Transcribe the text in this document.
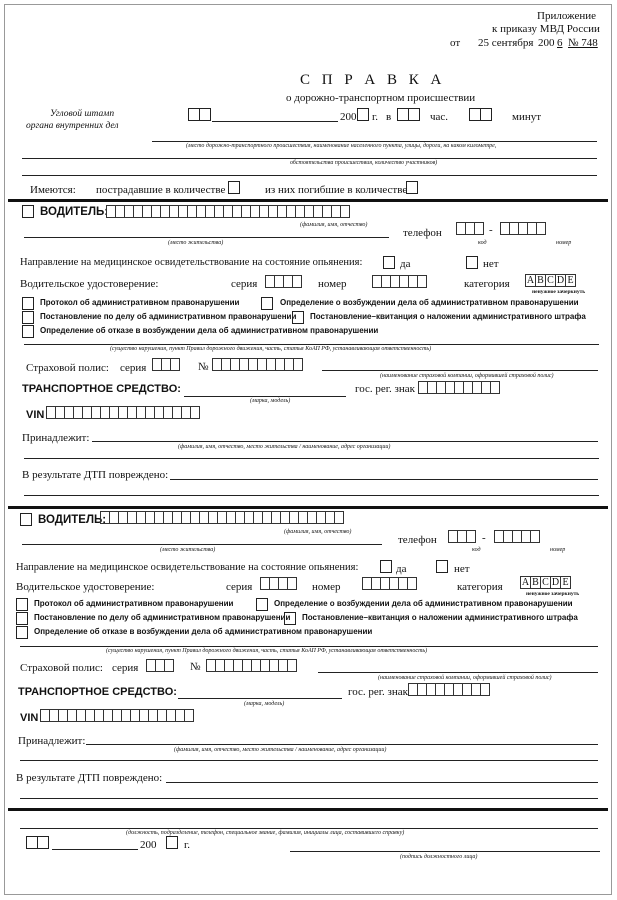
Приложение
к приказу МВД России
от 25 сентября 200 6 № 748
С П Р А В К А
о дорожно-транспортном происшествии
Угловой штамп
органа внутренних дел
200 г. в	час.	минут
(место дорожно-транспортного происшествия, наименование населенного пункта, улицы, дороги, на каком километре,
обстоятельства происшествия, количество участников)
Имеются: пострадавшие в количестве	из них погибшие в количестве
ВОДИТЕЛЬ:
(фамилия, имя, отчество)
телефон	-
(место жительства)	код	номер
Направление на медицинское освидетельствование на состояние опьянения:	да	нет
Водительское удостоверение:	серия	номер	категория A B C D E
ненужное зачеркнуть
Протокол об административном правонарушении	Определение о возбуждении дела об административном правонарушении
Постановление по делу об административном правонарушении Постановление–квитанция о наложении административного штрафа
Определение об отказе в возбуждении дела об административном правонарушении
(существо нарушения, пункт Правил дорожного движения, часть, статья КоАП РФ, устанавливающая ответственность)
Страховой полис: серия	№
(наименование страховой компании, оформившей страховой полис)
ТРАНСПОРТНОЕ СРЕДСТВО:	гос. рег. знак
(марка, модель)
VIN
Принадлежит:
(фамилия, имя, отчество, место жительства / наименование, адрес организации)
В результате ДТП повреждено:
ВОДИТЕЛЬ:
(фамилия, имя, отчество)
телефон	-
(место жительства)	код	номер
Направление на медицинское освидетельствование на состояние опьянения:	да	нет
Водительское удостоверение:	серия	номер	категория A B C D E
ненужное зачеркнуть
Протокол об административном правонарушении	Определение о возбуждении дела об административном правонарушении
Постановление по делу об административном правонарушении Постановление–квитанция о наложении административного штрафа
Определение об отказе в возбуждении дела об административном правонарушении
(существо нарушения, пункт Правил дорожного движения, часть, статья КоАП РФ, устанавливающая ответственность)
Страховой полис: серия	№
(наименование страховой компании, оформившей страховой полис)
ТРАНСПОРТНОЕ СРЕДСТВО:	гос. рег. знак
(марка, модель)
VIN
Принадлежит:
(фамилия, имя, отчество, место жительства / наименование, адрес организации)
В результате ДТП повреждено:
(должность, подразделение, телефон, специальное звание, фамилия, инициалы лица, составившего справку)
200	г.
(подпись должностного лица)
